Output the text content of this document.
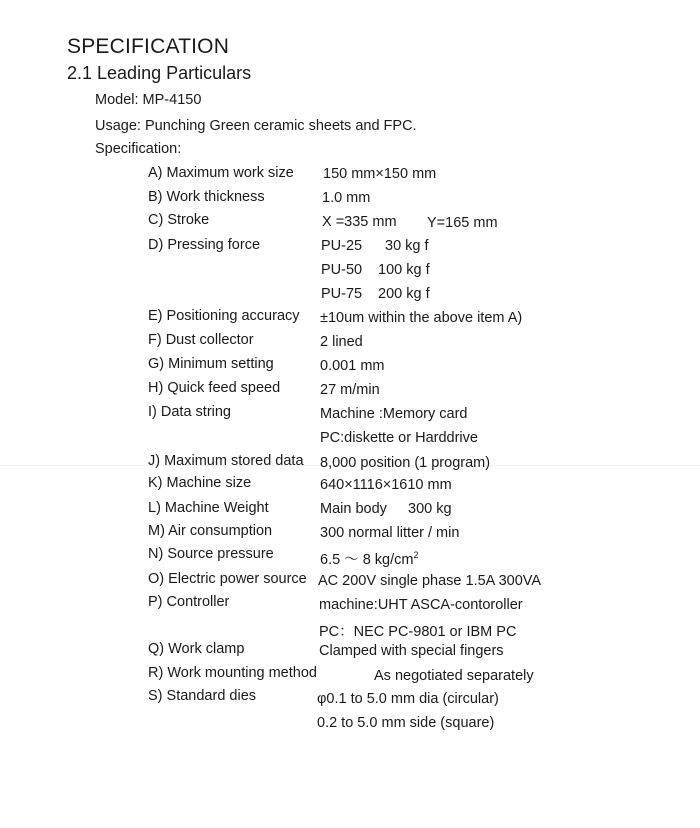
SPECIFICATION
2.1 Leading Particulars
Model: MP-4150
Usage: Punching Green ceramic sheets and FPC.
Specification:
A) Maximum work size 150 mm×150 mm
B) Work thickness	1.0 mm
C) Stroke	X =335 mm Y=165 mm
D) Pressing force	PU-25 30 kg f
PU-50 100 kg f
PU-75 200 kg f
E) Positioning accuracy ±10um within the above item A)
F) Dust collector	2 lined
G) Minimum setting	0.001 mm
H) Quick feed speed	27 m/min
I) Data string	Machine :Memory card
PC:diskette or Harddrive
J) Maximum stored data 8,000 position (1 program)
K) Machine size	640×1116×1610 mm
L) Machine Weight	Main body 300 kg
M) Air consumption	300 normal litter / min
N) Source pressure	6.5 ～ 8 $kg/cm^2$
O) Electric power source AC 200V single phase 1.5A 300VA
P) Controller	machine:UHT ASCA-contoroller
PC：NEC PC-9801 or IBM PC
Q) Work clamp	Clamped with special fingers
R) Work mounting method	As negotiated separately
S) Standard dies	φ0.1 to 5.0 mm dia (circular)
0.2 to 5.0 mm side (square)
